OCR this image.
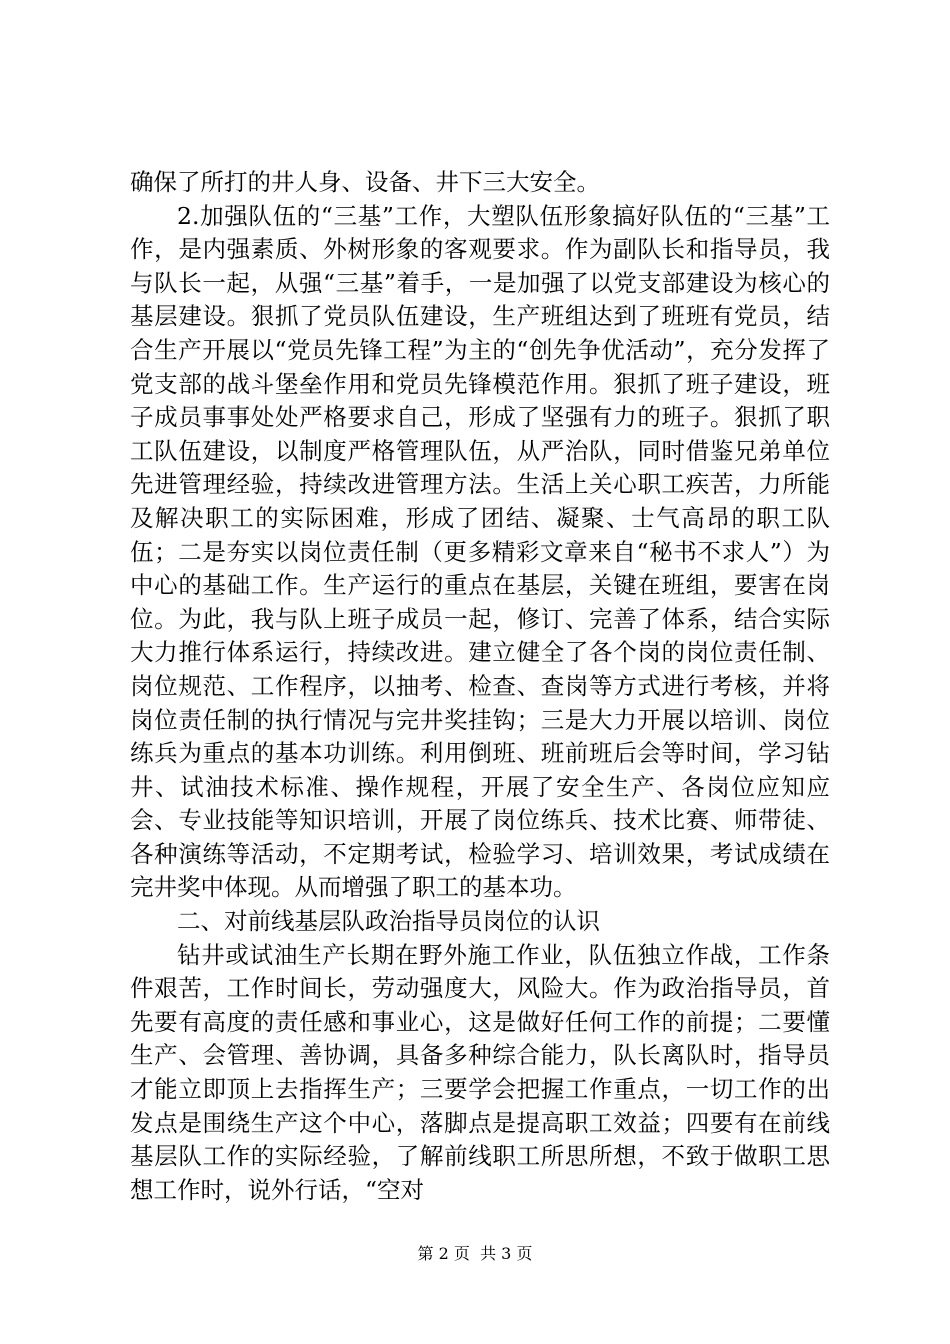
确保了所打的井人身、设备、井下三大安全。

2.加强队伍的“三基”工作，大塑队伍形象搞好队伍的“三基”工作，是内强素质、外树形象的客观要求。作为副队长和指导员，我与队长一起，从强“三基”着手，一是加强了以党支部建设为核心的基层建设。狠抓了党员队伍建设，生产班组达到了班班有党员，结合生产开展以“党员先锋工程”为主的“创先争优活动”，充分发挥了党支部的战斗堡垒作用和党员先锋模范作用。狠抓了班子建设，班子成员事事处处严格要求自己，形成了坚强有力的班子。狠抓了职工队伍建设，以制度严格管理队伍，从严治队，同时借鉴兄弟单位先进管理经验，持续改进管理方法。生活上关心职工疾苦，力所能及解决职工的实际困难，形成了团结、凝聚、士气高昂的职工队伍；二是夯实以岗位责任制（更多精彩文章来自“秘书不求人”）为中心的基础工作。生产运行的重点在基层，关键在班组，要害在岗位。为此，我与队上班子成员一起，修订、完善了体系，结合实际大力推行体系运行，持续改进。建立健全了各个岗的岗位责任制、岗位规范、工作程序，以抽考、检查、查岗等方式进行考核，并将岗位责任制的执行情况与完井奖挂钩；三是大力开展以培训、岗位练兵为重点的基本功训练。利用倒班、班前班后会等时间，学习钻井、试油技术标准、操作规程，开展了安全生产、各岗位应知应会、专业技能等知识培训，开展了岗位练兵、技术比赛、师带徒、各种演练等活动，不定期考试，检验学习、培训效果，考试成绩在完井奖中体现。从而增强了职工的基本功。

二、对前线基层队政治指导员岗位的认识

钻井或试油生产长期在野外施工作业，队伍独立作战，工作条件艰苦，工作时间长，劳动强度大，风险大。作为政治指导员，首先要有高度的责任感和事业心，这是做好任何工作的前提；二要懂生产、会管理、善协调，具备多种综合能力，队长离队时，指导员才能立即顶上去指挥生产；三要学会把握工作重点，一切工作的出发点是围绕生产这个中心，落脚点是提高职工效益；四要有在前线基层队工作的实际经验，了解前线职工所思所想，不致于做职工思想工作时，说外行话，“空对

第 2 页  共 3 页
